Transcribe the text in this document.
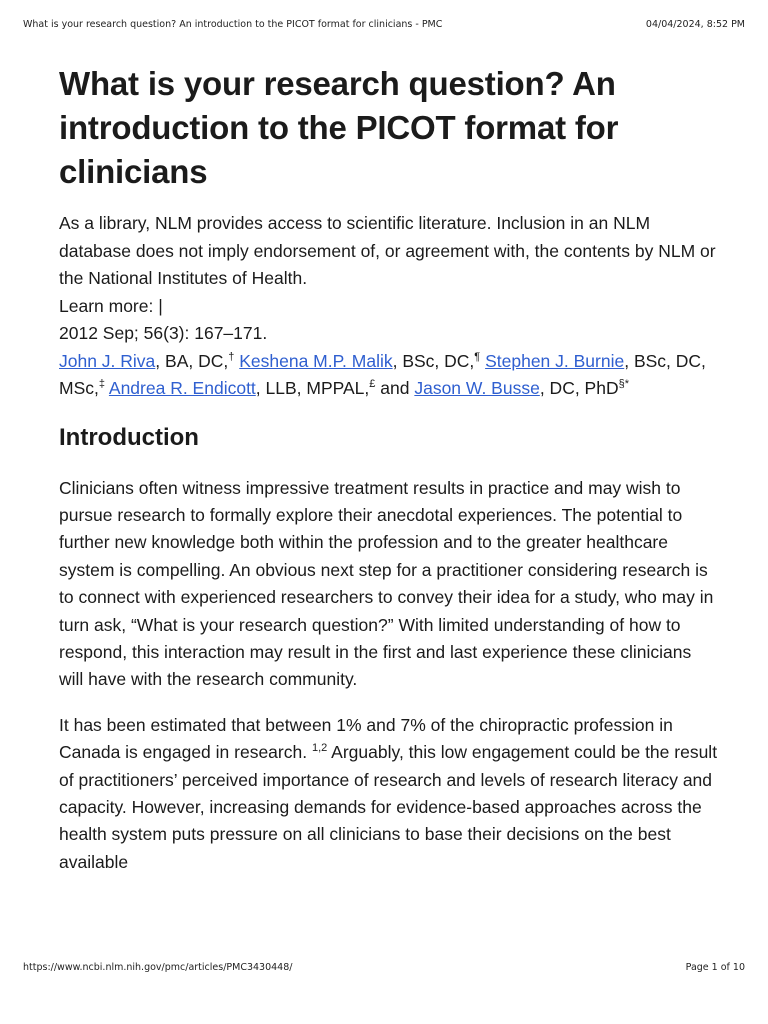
What is your research question? An introduction to the PICOT format for clinicians - PMC	04/04/2024, 8:52 PM
What is your research question? An introduction to the PICOT format for clinicians

As a library, NLM provides access to scientific literature. Inclusion in an NLM database does not imply endorsement of, or agreement with, the contents by NLM or the National Institutes of Health.

Learn more: |

2012 Sep; 56(3): 167–171.

John J. Riva, BA, DC,† Keshena M.P. Malik, BSc, DC,¶ Stephen J. Burnie, BSc, DC, MSc,‡ Andrea R. Endicott, LLB, MPPAL,£ and Jason W. Busse, DC, PhD§*

Introduction

Clinicians often witness impressive treatment results in practice and may wish to pursue research to formally explore their anecdotal experiences. The potential to further new knowledge both within the profession and to the greater healthcare system is compelling. An obvious next step for a practitioner considering research is to connect with experienced researchers to convey their idea for a study, who may in turn ask, “What is your research question?” With limited understanding of how to respond, this interaction may result in the first and last experience these clinicians will have with the research community.

It has been estimated that between 1% and 7% of the chiropractic profession in Canada is engaged in research. $^{1,2}$ Arguably, this low engagement could be the result of practitioners’ perceived importance of research and levels of research literacy and capacity. However, increasing demands for evidence-based approaches across the health system puts pressure on all clinicians to base their decisions on the best available

https://www.ncbi.nlm.nih.gov/pmc/articles/PMC3430448/	Page 1 of 10
